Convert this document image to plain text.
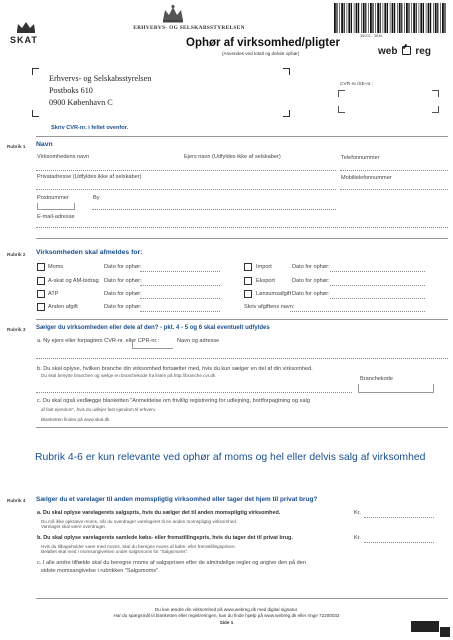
ERHVERVS- OG SELSKABSSTYRELSEN
SKAT	Ophør af virksomhed/pligter
(Anvendes ved totalt og delvist ophør)
36002 - 3836
web reg
Erhvervs- og Selskabsstyrelsen
Postboks 610
0900 København C
CVR-nr./SE-nr.:
Skriv CVR-nr. i feltet ovenfor.
Rubrik 1 Navn
Virksomhedens navn	Ejers navn (Udfyldes ikke af selskaber)	Telefonnummer
Privatadresse (Udfyldes ikke af selskaber)	Mobiltelefonnummer
Postnummer	By
E-mail-adresse
Rubrik 2 Virksomheden skal afmeldes for:
Moms	Dato for ophør:
A-skat og AM-bidrag Dato for ophør:
ATP	Dato for ophør:
Anden afgift	Dato for ophør:
Import	Dato for ophør:
Eksport	Dato for ophør:
Lønsumsafgift Dato for ophør:
Skriv afgiftens navn:
Rubrik 3 Sælger du virksomheden eller dele af den? - pkt. 4 - 5 og 6 skal eventuelt udfyldes
a. Ny ejers eller forpagters CVR-nr. eller CPR-nr.:	Navn og adresse
b. Du skal oplyse, hvilken branche din virksomhed fortsætter med, hvis du kun sælger en del af din virksomhed.
Du skal benytte branchen og vælge en branchekode fra listen på http://branche.cvr.dk
Branchekode
c. Du skal også vedlægge blanketten "Anmeldelse om frivillig registrering for udlejning, bortforpagtning og salg
af fast ejendom", hvis du udlejer fast ejendom til erhverv.
Blanketten findes på www.skat.dk
Rubrik 4-6 er kun relevante ved ophør af moms og hel eller delvis salg af virksomhed
Rubrik 4 Sælger du et varelager til anden momspligtig virksomhed eller tager det hjem til privat brug?
a. Du skal oplyse varelagerets salgspris, hvis du sælger det til anden momspligtig virksomhed.	Kr.
Du må ikke opkræve moms, når du overdrager varelageret til en anden momspligtig virksomhed. Varelaget skal være overdraget.
b. Du skal oplyse varelagerets samlede købs- eller fremstillingspris, hvis du tager det til privat brug.	Kr.
Hvis du tilbageholder varer med moms, skal du beregne moms af købs- eller fremstillingsprisen. Beløbet skal med i momsangivelsen under salgsmoms for "Salgsmoms".
c. I alle andre tilfælde skal du beregne moms af salgsprisen efter de almindelige regler og angive den på den
sidste momsangivelse i rubrikken "Salgsmoms".
Du kan ændre din virksomhed på www.webreg.dk med digital signatur.
Har du spørgsmål til blanketten eller registreringen, kan du finde hjælp på www.webreg.dk eller ringe 72200032
Side 1
